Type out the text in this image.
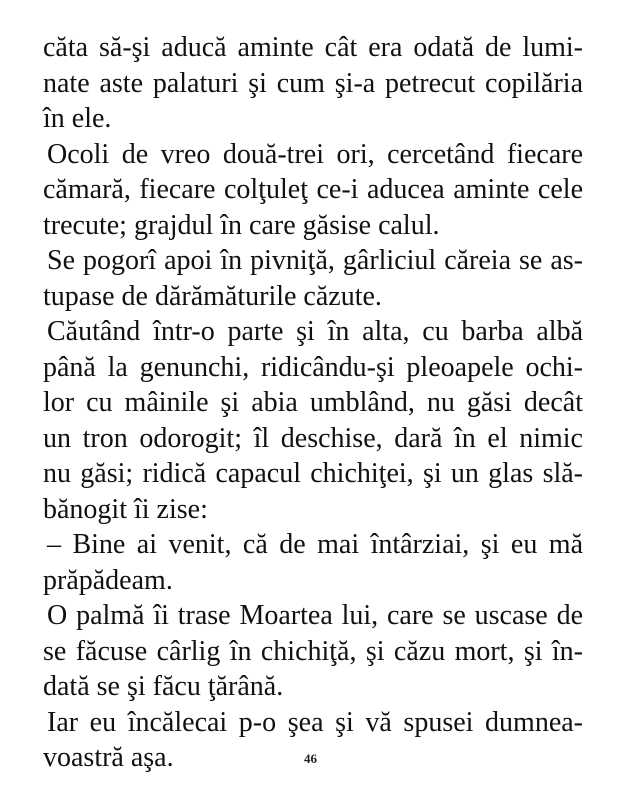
căta să-şi aducă aminte cât era odată de lumi-
nate aste palaturi şi cum şi-a petrecut copilăria
în ele.
Ocoli de vreo două-trei ori, cercetând fiecare
cămară, fiecare colţuleţ ce-i aducea aminte cele
trecute; grajdul în care găsise calul.
Se pogorî apoi în pivniţă, gârliciul căreia se as-
tupase de dărămăturile căzute.
Căutând într-o parte şi în alta, cu barba albă
până la genunchi, ridicându-şi pleoapele ochi-
lor cu mâinile şi abia umblând, nu găsi decât
un tron odorogit; îl deschise, dară în el nimic
nu găsi; ridică capacul chichiţei, şi un glas slă-
bănogit îi zise:
– Bine ai venit, că de mai întârziai, şi eu mă
prăpădeam.
O palmă îi trase Moartea lui, care se uscase de
se făcuse cârlig în chichiţă, şi căzu mort, şi în-
dată se şi făcu ţărână.
Iar eu încălecai p-o şea şi vă spusei dumnea-
voastră aşa.	46
